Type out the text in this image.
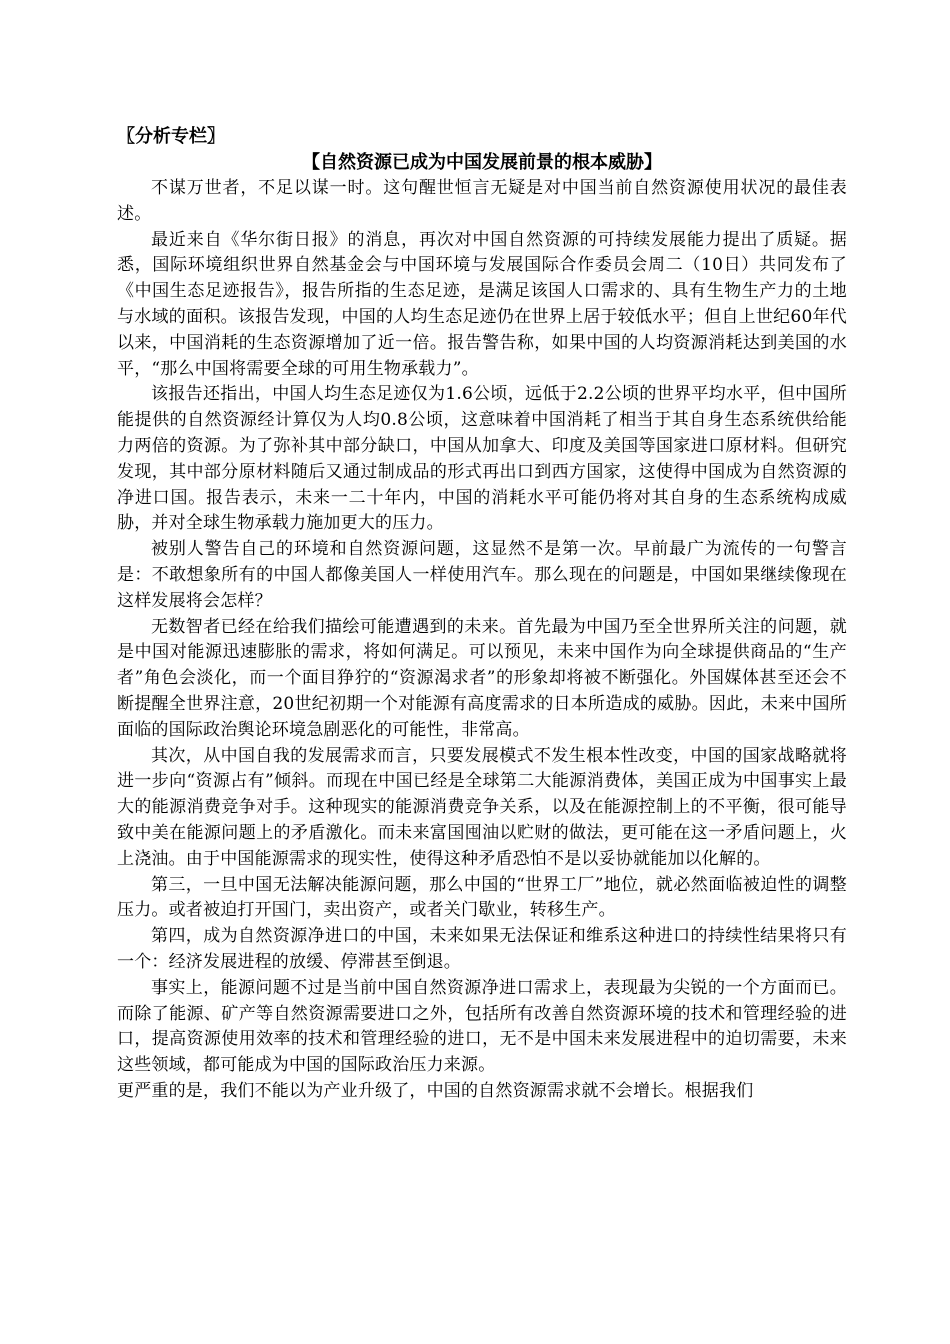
〖分析专栏〗
【自然资源已成为中国发展前景的根本威胁】

不谋万世者，不足以谋一时。这句醒世恒言无疑是对中国当前自然资源使用状况的最佳表述。

最近来自《华尔街日报》的消息，再次对中国自然资源的可持续发展能力提出了质疑。据悉，国际环境组织世界自然基金会与中国环境与发展国际合作委员会周二（10日）共同发布了《中国生态足迹报告》，报告所指的生态足迹，是满足该国人口需求的、具有生物生产力的土地与水域的面积。该报告发现，中国的人均生态足迹仍在世界上居于较低水平；但自上世纪60年代以来，中国消耗的生态资源增加了近一倍。报告警告称，如果中国的人均资源消耗达到美国的水平，“那么中国将需要全球的可用生物承载力”。

该报告还指出，中国人均生态足迹仅为1.6公顷，远低于2.2公顷的世界平均水平，但中国所能提供的自然资源经计算仅为人均0.8公顷，这意味着中国消耗了相当于其自身生态系统供给能力两倍的资源。为了弥补其中部分缺口，中国从加拿大、印度及美国等国家进口原材料。但研究发现，其中部分原材料随后又通过制成品的形式再出口到西方国家，这使得中国成为自然资源的净进口国。报告表示，未来一二十年内，中国的消耗水平可能仍将对其自身的生态系统构成威胁，并对全球生物承载力施加更大的压力。

被别人警告自己的环境和自然资源问题，这显然不是第一次。早前最广为流传的一句警言是：不敢想象所有的中国人都像美国人一样使用汽车。那么现在的问题是，中国如果继续像现在这样发展将会怎样？

无数智者已经在给我们描绘可能遭遇到的未来。首先最为中国乃至全世界所关注的问题，就是中国对能源迅速膨胀的需求，将如何满足。可以预见，未来中国作为向全球提供商品的“生产者”角色会淡化，而一个面目狰狞的“资源渴求者”的形象却将被不断强化。外国媒体甚至还会不断提醒全世界注意，20世纪初期一个对能源有高度需求的日本所造成的威胁。因此，未来中国所面临的国际政治舆论环境急剧恶化的可能性，非常高。

其次，从中国自我的发展需求而言，只要发展模式不发生根本性改变，中国的国家战略就将进一步向“资源占有”倾斜。而现在中国已经是全球第二大能源消费体，美国正成为中国事实上最大的能源消费竞争对手。这种现实的能源消费竞争关系，以及在能源控制上的不平衡，很可能导致中美在能源问题上的矛盾激化。而未来富国囤油以贮财的做法，更可能在这一矛盾问题上，火上浇油。由于中国能源需求的现实性，使得这种矛盾恐怕不是以妥协就能加以化解的。

第三，一旦中国无法解决能源问题，那么中国的“世界工厂”地位，就必然面临被迫性的调整压力。或者被迫打开国门，卖出资产，或者关门歇业，转移生产。

第四，成为自然资源净进口的中国，未来如果无法保证和维系这种进口的持续性结果将只有一个：经济发展进程的放缓、停滞甚至倒退。

事实上，能源问题不过是当前中国自然资源净进口需求上，表现最为尖锐的一个方面而已。而除了能源、矿产等自然资源需要进口之外，包括所有改善自然资源环境的技术和管理经验的进口，提高资源使用效率的技术和管理经验的进口，无不是中国未来发展进程中的迫切需要，未来这些领域，都可能成为中国的国际政治压力来源。

更严重的是，我们不能以为产业升级了，中国的自然资源需求就不会增长。根据我们
